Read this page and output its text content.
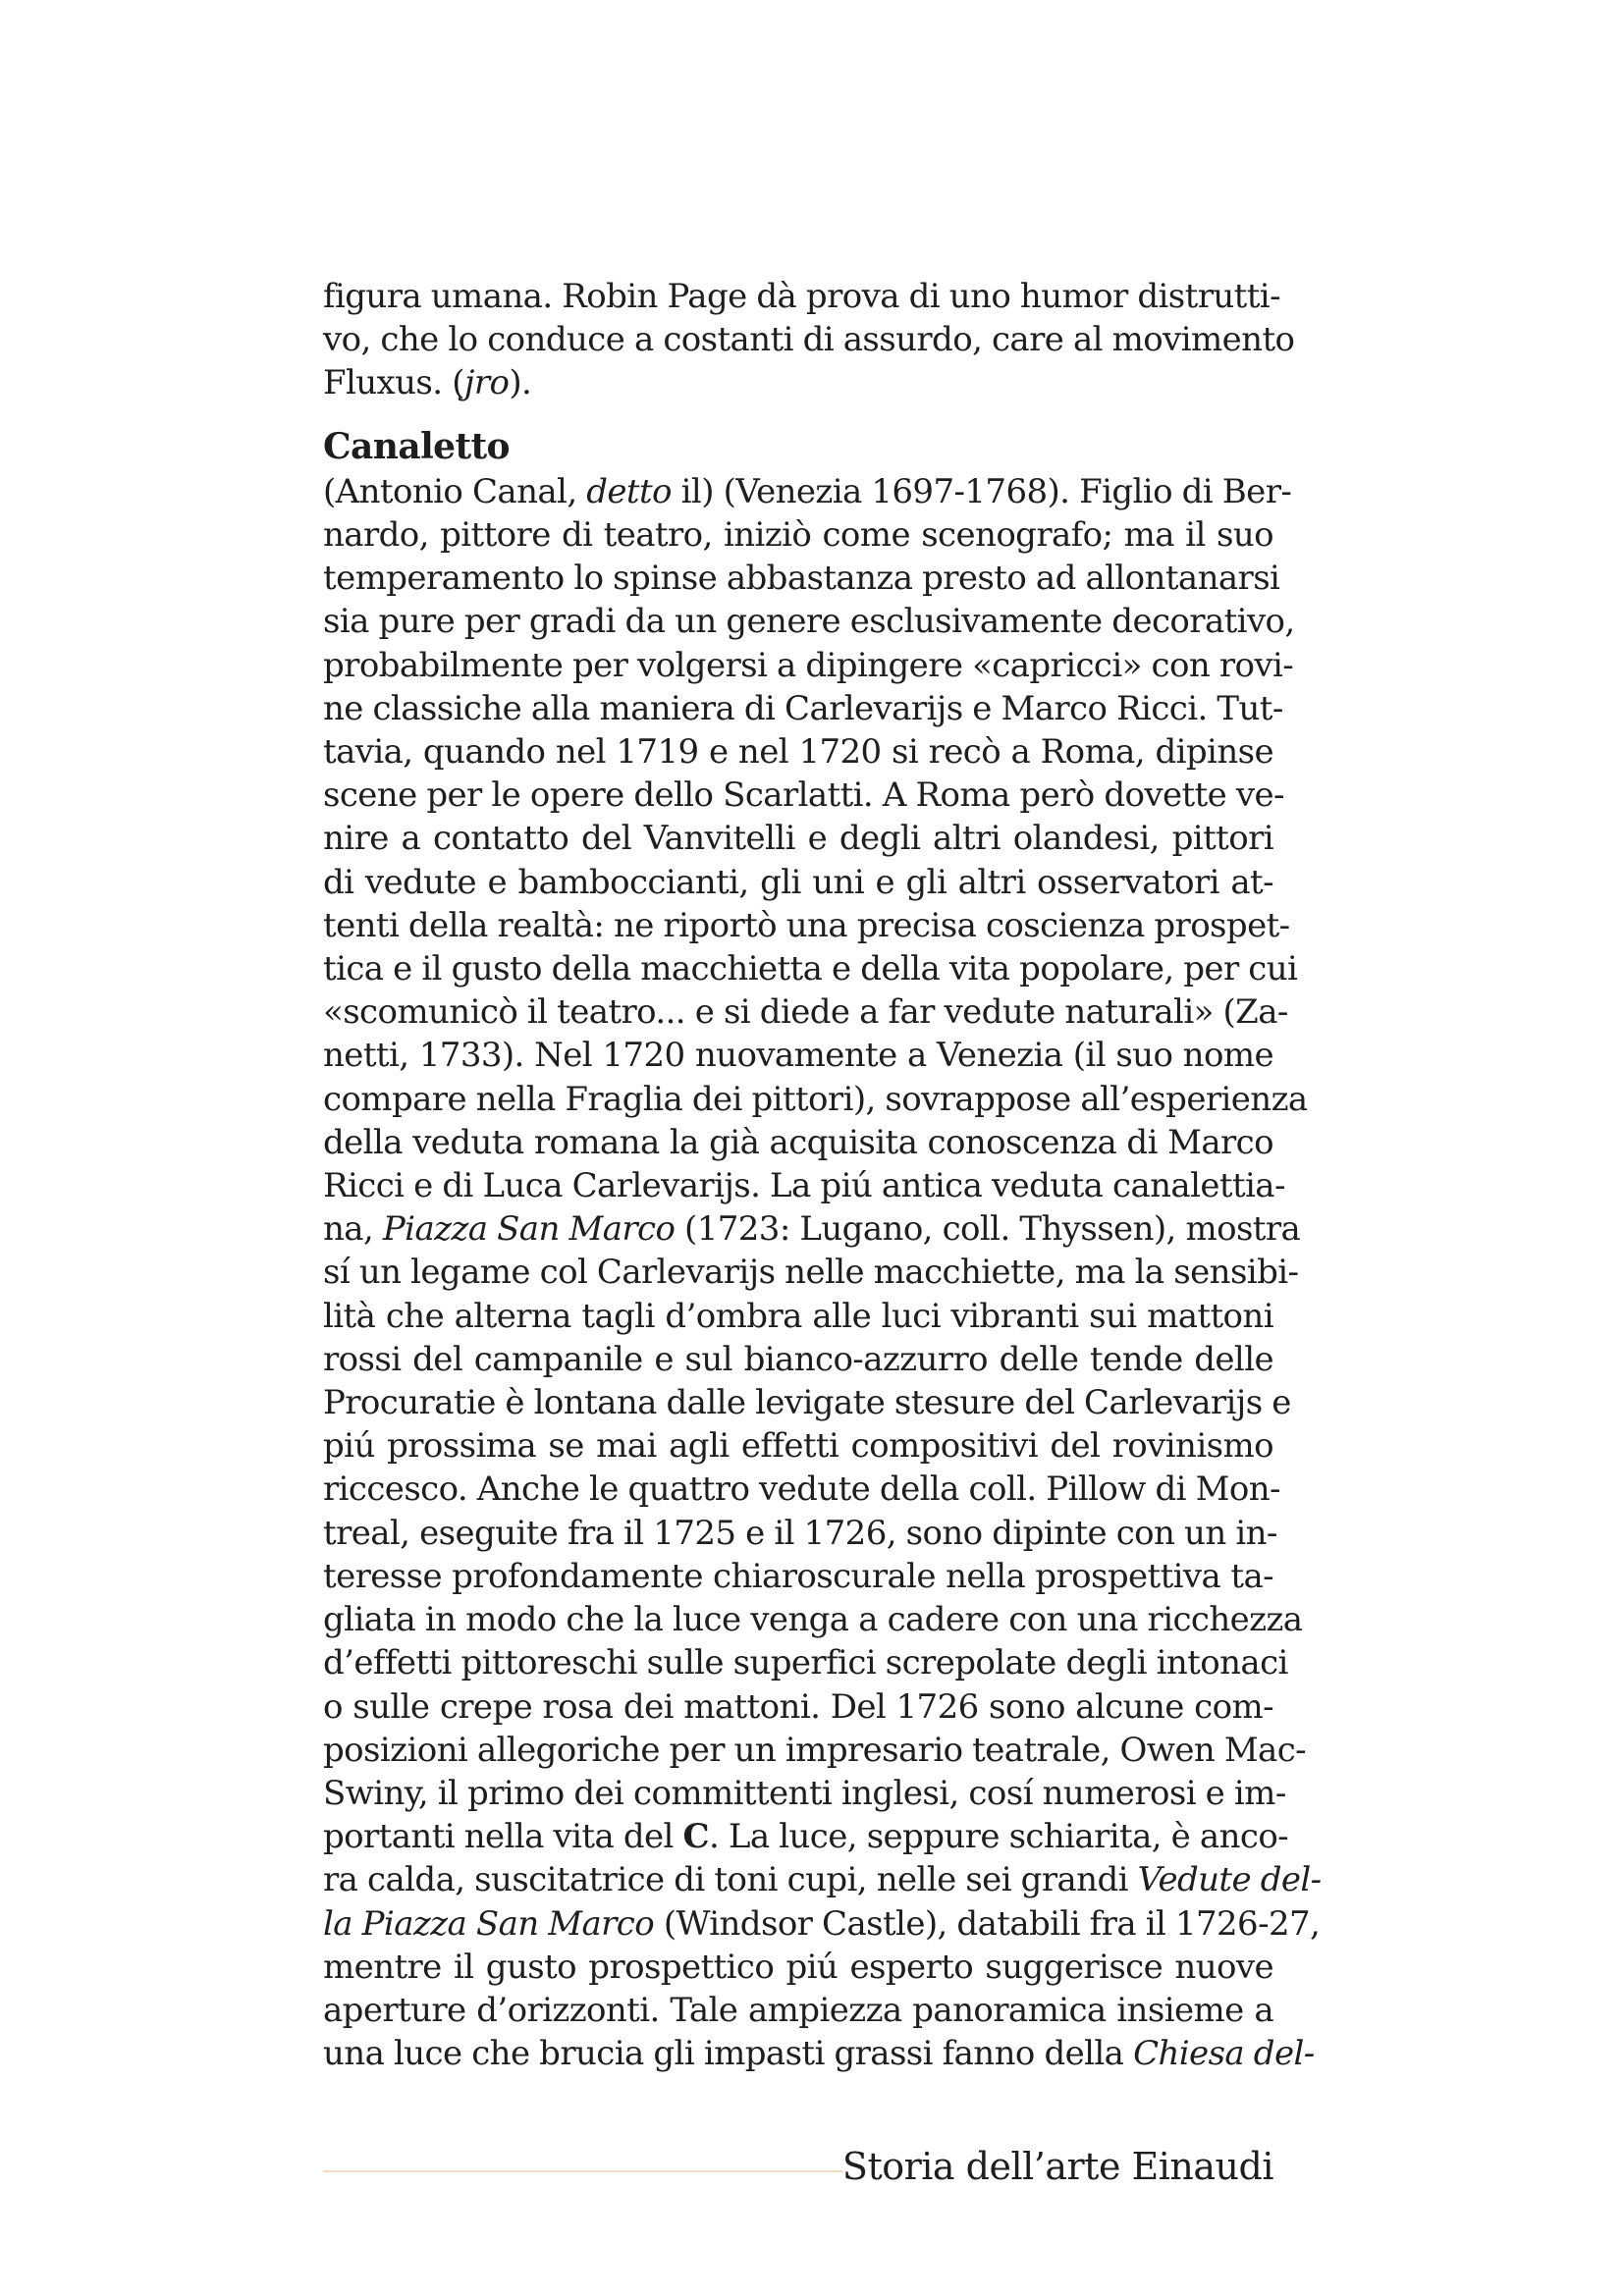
figura umana. Robin Page dà prova di uno humor distrutti-
vo, che lo conduce a costanti di assurdo, care al movimento
Fluxus. (jro).
Canaletto
(Antonio Canal, detto il) (Venezia 1697-1768). Figlio di Ber-
nardo, pittore di teatro, iniziò come scenografo; ma il suo
temperamento lo spinse abbastanza presto ad allontanarsi
sia pure per gradi da un genere esclusivamente decorativo,
probabilmente per volgersi a dipingere «capricci» con rovi-
ne classiche alla maniera di Carlevarijs e Marco Ricci. Tut-
tavia, quando nel 1719 e nel 1720 si recò a Roma, dipinse
scene per le opere dello Scarlatti. A Roma però dovette ve-
nire a contatto del Vanvitelli e degli altri olandesi, pittori
di vedute e bamboccianti, gli uni e gli altri osservatori at-
tenti della realtà: ne riportò una precisa coscienza prospet-
tica e il gusto della macchietta e della vita popolare, per cui
«scomunicò il teatro... e si diede a far vedute naturali» (Za-
netti, 1733). Nel 1720 nuovamente a Venezia (il suo nome
compare nella Fraglia dei pittori), sovrappose all’esperienza
della veduta romana la già acquisita conoscenza di Marco
Ricci e di Luca Carlevarijs. La piú antica veduta canalettia-
na, Piazza San Marco (1723: Lugano, coll. Thyssen), mostra
sí un legame col Carlevarijs nelle macchiette, ma la sensibi-
lità che alterna tagli d’ombra alle luci vibranti sui mattoni
rossi del campanile e sul bianco-azzurro delle tende delle
Procuratie è lontana dalle levigate stesure del Carlevarijs e
piú prossima se mai agli effetti compositivi del rovinismo
riccesco. Anche le quattro vedute della coll. Pillow di Mon-
treal, eseguite fra il 1725 e il 1726, sono dipinte con un in-
teresse profondamente chiaroscurale nella prospettiva ta-
gliata in modo che la luce venga a cadere con una ricchezza
d’effetti pittoreschi sulle superfici screpolate degli intonaci
o sulle crepe rosa dei mattoni. Del 1726 sono alcune com-
posizioni allegoriche per un impresario teatrale, Owen Mac-
Swiny, il primo dei committenti inglesi, cosí numerosi e im-
portanti nella vita del C. La luce, seppure schiarita, è anco-
ra calda, suscitatrice di toni cupi, nelle sei grandi Vedute del-
la Piazza San Marco (Windsor Castle), databili fra il 1726-27,
mentre il gusto prospettico piú esperto suggerisce nuove
aperture d’orizzonti. Tale ampiezza panoramica insieme a
una luce che brucia gli impasti grassi fanno della Chiesa del-
Storia dell’arte Einaudi
